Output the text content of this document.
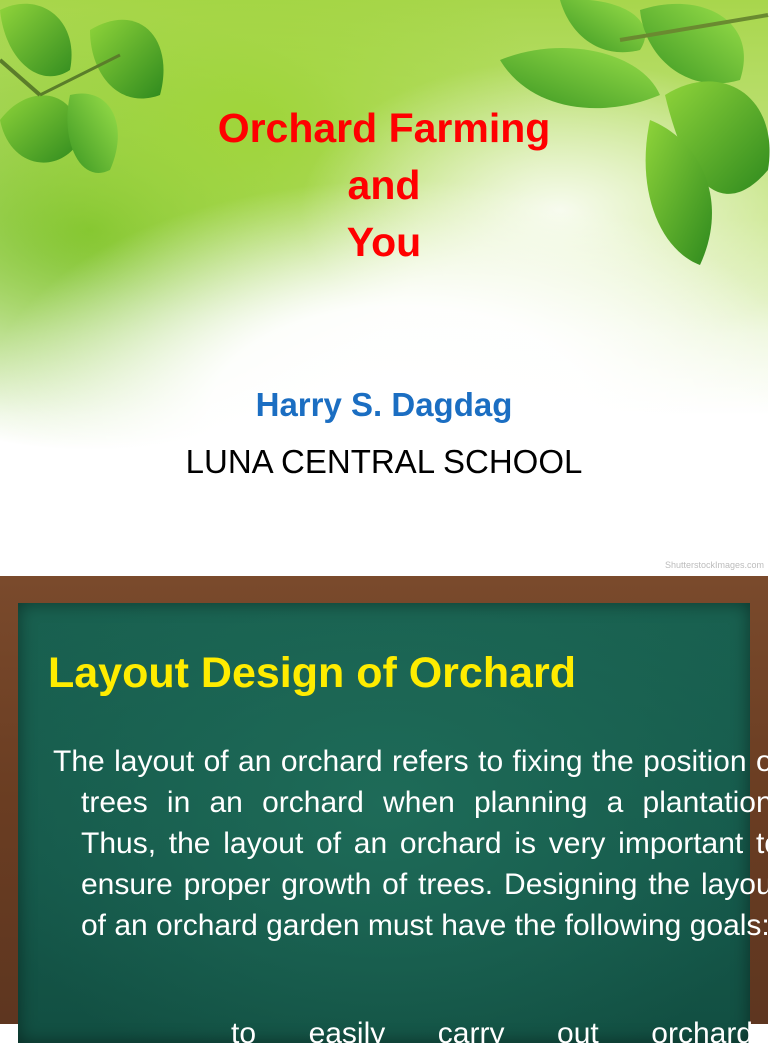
Orchard Farming
and
You
Harry S. Dagdag
LUNA CENTRAL SCHOOL
ShutterstockImages.com
Layout Design of Orchard
The layout of an orchard refers to fixing the position of trees in an orchard when planning a plantation. Thus, the layout of an orchard is very important to ensure proper growth of trees. Designing the layout of an orchard garden must have the following goals:
to easily carry out orchard
